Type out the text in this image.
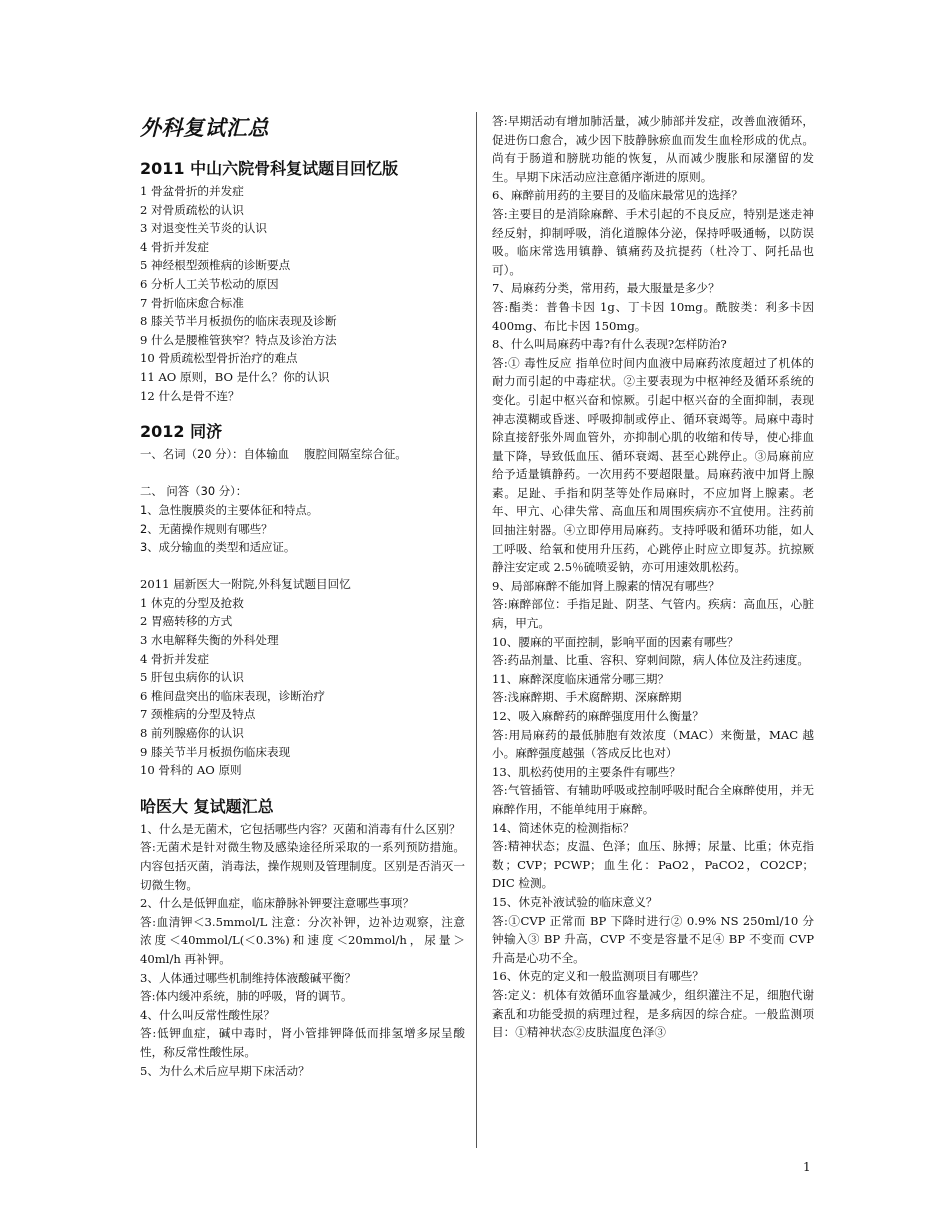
外科复试汇总
2011 中山六院骨科复试题目回忆版
1 骨盆骨折的并发症
2 对骨质疏松的认识
3 对退变性关节炎的认识
4 骨折并发症
5 神经根型颈椎病的诊断要点
6 分析人工关节松动的原因
7 骨折临床愈合标准
8 膝关节半月板损伤的临床表现及诊断
9 什么是腰椎管狭窄？特点及诊治方法
10 骨质疏松型骨折治疗的难点
11 AO 原则，BO 是什么？你的认识
12 什么是骨不连？
2012 同济
一、名词（20 分）：自体输血　 腹腔间隔室综合征。
二、 问答（30 分）：
1、急性腹膜炎的主要体征和特点。
2、无菌操作规则有哪些？
3、成分输血的类型和适应证。
2011 届新医大一附院,外科复试题目回忆
1 休克的分型及抢救
2 胃癌转移的方式
3 水电解释失衡的外科处理
4 骨折并发症
5 肝包虫病你的认识
6 椎间盘突出的临床表现，诊断治疗
7 颈椎病的分型及特点
8 前列腺癌你的认识
9 膝关节半月板损伤临床表现
10 骨科的 AO 原则
哈医大 复试题汇总
1、什么是无菌术，它包括哪些内容？灭菌和消毒有什么区别？
答:无菌术是针对微生物及感染途径所采取的一系列预防措施。内容包括灭菌，消毒法，操作规则及管理制度。区别是否消灭一切微生物。
2、什么是低钾血症，临床静脉补钾要注意哪些事项？
答:血清钾＜3.5mmol/L 注意：分次补钾，边补边观察，注意浓度＜40mmol/L(＜0.3%)和速度＜20mmol/h，尿量＞40ml/h 再补钾。
3、人体通过哪些机制维持体液酸碱平衡？
答:体内缓冲系统，肺的呼吸，肾的调节。
4、什么叫反常性酸性尿？
答:低钾血症，碱中毒时，肾小管排钾降低而排氢增多尿呈酸性，称反常性酸性尿。
5、为什么术后应早期下床活动？
答:早期活动有增加肺活量，减少肺部并发症，改善血液循环，促进伤口愈合，减少因下肢静脉瘀血而发生血栓形成的优点。尚有于肠道和膀胱功能的恢复，从而减少腹胀和尿潴留的发生。早期下床活动应注意循序渐进的原则。
6、麻醉前用药的主要目的及临床最常见的选择？
答:主要目的是消除麻醉、手术引起的不良反应，特别是迷走神经反射，抑制呼吸，消化道腺体分泌，保持呼吸通畅，以防误吸。临床常选用镇静、镇痛药及抗提药（杜冷丁、阿托品也可）。
7、局麻药分类，常用药，最大服量是多少？
答:酯类：普鲁卡因 1g、丁卡因 10mg。酰胺类：利多卡因 400mg、布比卡因 150mg。
8、什么叫局麻药中毒?有什么表现?怎样防治?
答:① 毒性反应 指单位时间内血液中局麻药浓度超过了机体的耐力而引起的中毒症状。②主要表现为中枢神经及循环系统的变化。引起中枢兴奋和惊厥。引起中枢兴奋的全面抑制，表现神志漠糊或昏迷、呼吸抑制或停止、循环衰竭等。局麻中毒时除直接舒张外周血管外，亦抑制心肌的收缩和传导，使心排血量下降，导致低血压、循环衰竭、甚至心跳停止。③局麻前应给予适量镇静药。一次用药不要超限量。局麻药液中加肾上腺素。足趾、手指和阴茎等处作局麻时，不应加肾上腺素。老年、甲亢、心律失常、高血压和周围疾病亦不宜使用。注药前回抽注射器。④立即停用局麻药。支持呼吸和循环功能，如人工呼吸、给氧和使用升压药，心跳停止时应立即复苏。抗掠厥静注安定或 2.5％硫喷妥钠，亦可用速效肌松药。
9、局部麻醉不能加肾上腺素的情况有哪些？
答:麻醉部位：手指足趾、阴茎、气管内。疾病：高血压，心脏病，甲亢。
10、腰麻的平面控制，影响平面的因素有哪些？
答:药品剂量、比重、容积、穿刺间隙，病人体位及注药速度。
11、麻醉深度临床通常分哪三期？
答:浅麻醉期、手术腐醉期、深麻醉期
12、吸入麻醉药的麻醉强度用什么衡量？
答:用局麻药的最低肺胞有效浓度（MAC）来衡量，MAC 越小。麻醉强度越强（答成反比也对）
13、肌松药使用的主要条件有哪些？
答:气管插管、有辅助呼吸或控制呼吸时配合全麻醉使用，并无麻醉作用，不能单纯用于麻醉。
14、简述休克的检测指标？
答:精神状态；皮温、色泽；血压、脉搏；尿量、比重；休克指数；CVP；PCWP；血生化：PaO2，PaCO2，CO2CP；DIC 检测。
15、休克补液试验的临床意义？
答:①CVP 正常而 BP 下降时进行② 0.9% NS 250ml/10 分钟输入③ BP 升高，CVP 不变是容量不足④ BP 不变而 CVP 升高是心功不全。
16、休克的定义和一般监测项目有哪些？
答:定义：机体有效循环血容量减少，组织灌注不足，细胞代谢紊乱和功能受损的病理过程，是多病因的综合症。一般监测项目：①精神状态②皮肤温度色泽③
1
